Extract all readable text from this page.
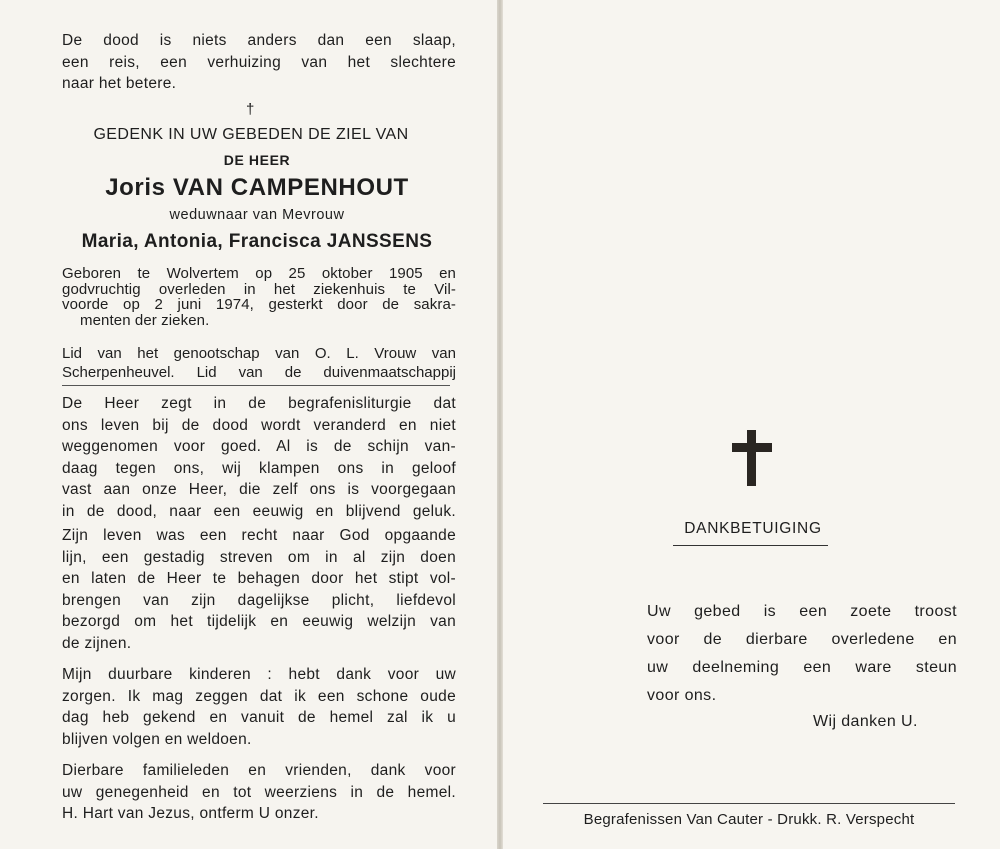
De dood is niets anders dan een slaap,

een reis, een verhuizing van het slechtere

naar het betere.

†
GEDENK IN UW GEBEDEN DE ZIEL VAN
DE HEER
Joris VAN CAMPENHOUT
weduwnaar van Mevrouw
Maria, Antonia, Francisca JANSSENS

Geboren te Wolvertem op 25 oktober 1905 en

godvruchtig overleden in het ziekenhuis te Vil-

voorde op 2 juni 1974, gesterkt door de sakra-

menten der zieken.

Lid van het genootschap van O. L. Vrouw van

Scherpenheuvel. Lid van de duivenmaatschappij

De Heer zegt in de begrafenisliturgie dat

ons leven bij de dood wordt veranderd en niet

weggenomen voor goed. Al is de schijn van-

daag tegen ons, wij klampen ons in geloof

vast aan onze Heer, die zelf ons is voorgegaan

in de dood, naar een eeuwig en blijvend geluk.

Zijn leven was een recht naar God opgaande

lijn, een gestadig streven om in al zijn doen

en laten de Heer te behagen door het stipt vol-

brengen van zijn dagelijkse plicht, liefdevol

bezorgd om het tijdelijk en eeuwig welzijn van

de zijnen.

Mijn duurbare kinderen : hebt dank voor uw

zorgen. Ik mag zeggen dat ik een schone oude

dag heb gekend en vanuit de hemel zal ik u

blijven volgen en weldoen.

Dierbare familieleden en vrienden, dank voor

uw genegenheid en tot weerziens in de hemel.

H. Hart van Jezus, ontferm U onzer.

DANKBETUIGING

Uw gebed is een zoete troost

voor de dierbare overledene en

uw deelneming een ware steun

voor ons.

Wij danken U.
Begrafenissen Van Cauter - Drukk. R. Verspecht
